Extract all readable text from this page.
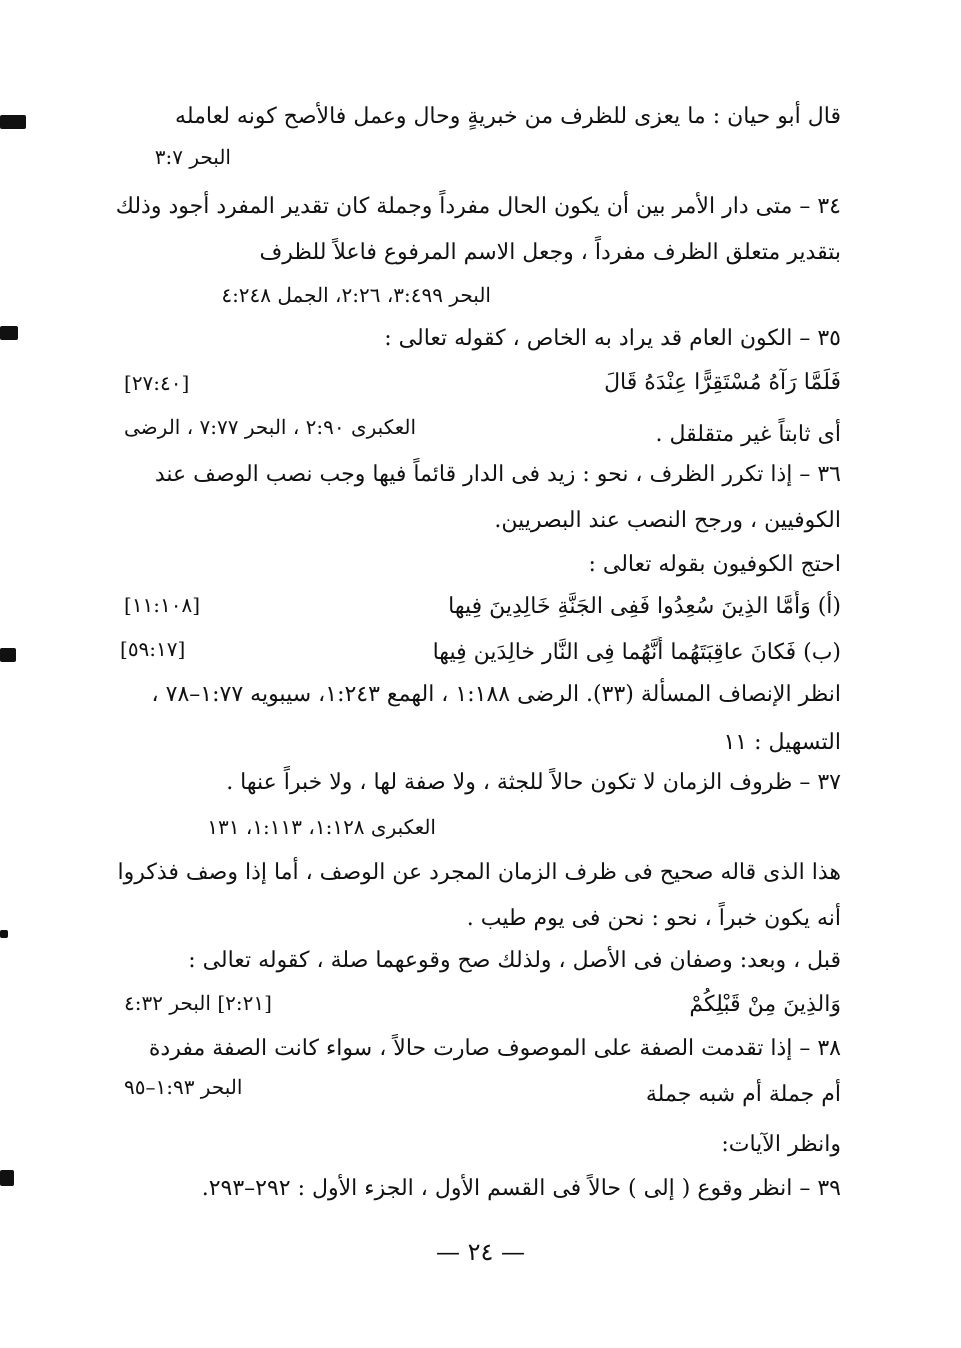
قال أبو حيان : ما يعزى للظرف من خبريةٍ وحال وعمل فالأصح كونه لعامله
البحر ٣:٧
٣٤ – متى دار الأمر بين أن يكون الحال مفرداً وجملة كان تقدير المفرد أجود وذلك
بتقدير متعلق الظرف مفرداً ، وجعل الاسم المرفوع فاعلاً للظرف
البحر ٣:٤٩٩، ٢:٢٦، الجمل ٤:٢٤٨
٣٥ – الكون العام قد يراد به الخاص ، كقوله تعالى :
فَلَمَّا رَآهُ مُسْتَقِرًّا عِنْدَهُ قَالَ
[٢٧:٤٠]
أى ثابتاً غير متقلقل .
العكبرى ٢:٩٠ ، البحر ٧:٧٧ ، الرضى
٣٦ – إذا تكرر الظرف ، نحو : زيد فى الدار قائماً فيها وجب نصب الوصف عند
الكوفيين ، ورجح النصب عند البصريين.
احتج الكوفيون بقوله تعالى :
(أ) وَأَمَّا الذِينَ سُعِدُوا فَفِى الجَنَّةِ خَالِدِينَ فِيها
[١١:١٠٨]
(ب) فَكانَ عاقِبَتَهُما أَنَّهُما فِى النَّار خالِدَين فِيها
[٥٩:١٧]
انظر الإنصاف المسألة (٣٣). الرضى ١:١٨٨ ، الهمع ١:٢٤٣، سيبويه ١:٧٧–٧٨ ،
التسهيل : ١١
٣٧ – ظروف الزمان لا تكون حالاً للجثة ، ولا صفة لها ، ولا خبراً عنها .
العكبرى ١:١٢٨، ١:١١٣، ١٣١
هذا الذى قاله صحيح فى ظرف الزمان المجرد عن الوصف ، أما إذا وصف فذكروا
أنه يكون خبراً ، نحو : نحن فى يوم طيب .
قبل ، وبعد: وصفان فى الأصل ، ولذلك صح وقوعهما صلة ، كقوله تعالى :
وَالذِينَ مِنْ قَبْلِكُمْ
[٢:٢١] البحر ٤:٣٢
٣٨ – إذا تقدمت الصفة على الموصوف صارت حالاً ، سواء كانت الصفة مفردة
أم جملة أم شبه جملة
البحر ١:٩٣–٩٥
وانظر الآيات:
٣٩ – انظر وقوع ( إلى ) حالاً فى القسم الأول ، الجزء الأول : ٢٩٢–٢٩٣.
— ٢٤ —
